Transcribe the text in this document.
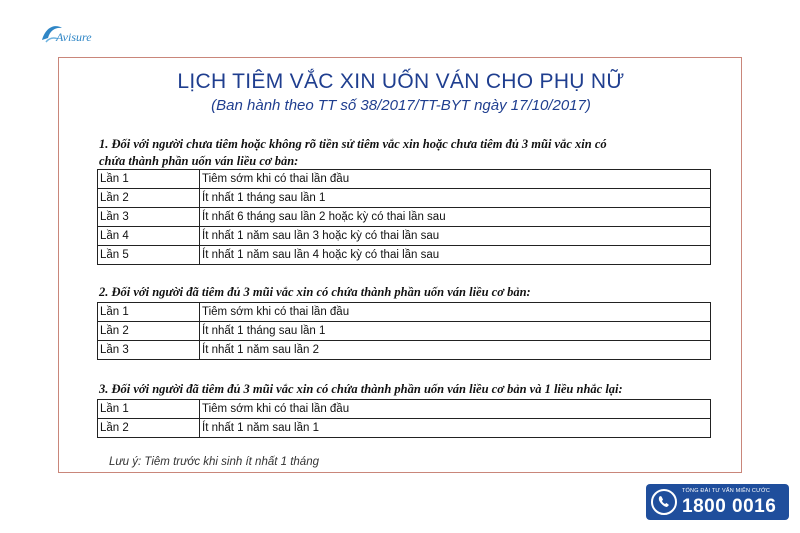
Avisure
LỊCH TIÊM VẮC XIN UỐN VÁN CHO PHỤ NỮ
(Ban hành theo TT số 38/2017/TT-BYT ngày 17/10/2017)
1. Đối với người chưa tiêm hoặc không rõ tiền sử tiêm vắc xin hoặc chưa tiêm đủ 3 mũi vắc xin có
chứa thành phần uốn ván liều cơ bản:
Lần 1	Tiêm sớm khi có thai lần đầu
Lần 2	Ít nhất 1 tháng sau lần 1
Lần 3	Ít nhất 6 tháng sau lần 2 hoặc kỳ có thai lần sau
Lần 4	Ít nhất 1 năm sau lần 3 hoặc kỳ có thai lần sau
Lần 5	Ít nhất 1 năm sau lần 4 hoặc kỳ có thai lần sau
2. Đối với người đã tiêm đủ 3 mũi vắc xin có chứa thành phần uốn ván liều cơ bản:
Lần 1	Tiêm sớm khi có thai lần đầu
Lần 2	Ít nhất 1 tháng sau lần 1
Lần 3	Ít nhất 1 năm sau lần 2
3. Đối với người đã tiêm đủ 3 mũi vắc xin có chứa thành phần uốn ván liều cơ bản và 1 liều nhắc lại:
Lần 1	Tiêm sớm khi có thai lần đầu
Lần 2	Ít nhất 1 năm sau lần 1
Lưu ý: Tiêm trước khi sinh ít nhất 1 tháng
TỔNG ĐÀI TƯ VẤN MIỄN CƯỚC
1800 0016
